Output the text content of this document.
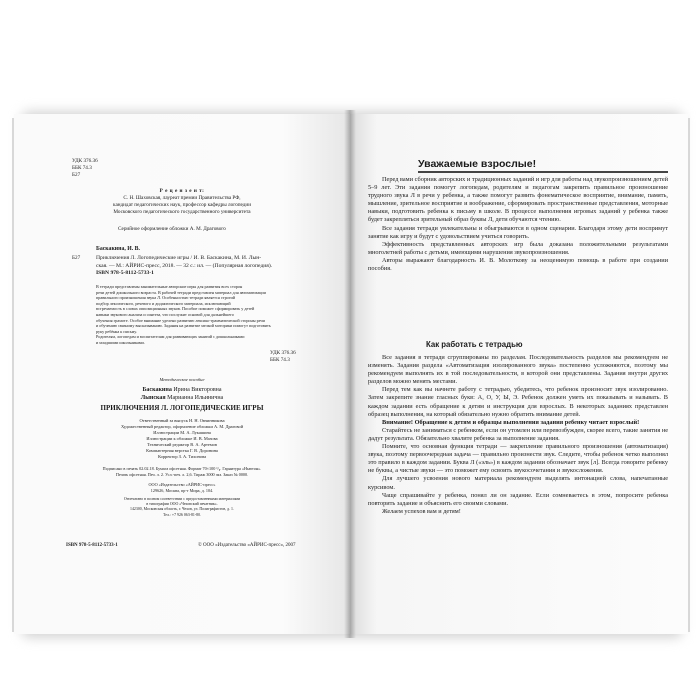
УДК 376.36
ББК 74.3
Б27
Р е ц е н з е н т:
С. Н. Шаховская, лауреат премии Правительства РФ,
кандидат педагогических наук, профессор кафедры логопедии
Московского педагогического государственного университета
Серийное оформление обложки А. М. Драгового
Баскакина, И. В.
Б27	Приключения Л. Логопедические игры / И. В. Баскакина, М. И. Лын-
ская. — М.: АЙРИС-пресс, 2018. — 32 с.: ил. — (Популярная логопедия).
ISBN 978-5-8112-5733-1
В тетради представлены занимательные авторские игры для развития всех сторон
речи детей дошкольного возраста. В рабочей тетради представлен материал для автоматизации
правильного произношения звука Л. Особенностью тетради является строгий
подбор лексического, речевого и дидактического материала, исключающий
встречаемость в словах оппозиционных звуков. Пособие поможет сформировать у детей
навыки звукового анализа и синтеза, что послужит основой для дальнейшего
обучения грамоте. Особое внимание уделено развитию лексико-грамматической стороны речи
и обучению связному высказыванию. Задания на развитие мелкой моторики помогут подготовить
руку ребёнка к письму.
Родителям, логопедам и воспитателям для развивающих занятий с дошкольниками
и младшими школьниками.
УДК 376.36
ББК 74.3
Методическое пособие
Баскакина Ирина Викторовна
Лынская Марианна Ильинична
ПРИКЛЮЧЕНИЯ Л. ЛОГОПЕДИЧЕСКИЕ ИГРЫ
Ответственный за выпуск Н. Н. Овчинникова
Художественный редактор, оформление обложки А. М. Драговой
Иллюстрации М. А. Лукашина
Иллюстрации к обложке И. В. Мазова
Технический редактор В. А. Артемов
Компьютерная верстка Г. В. Доронина
Корректор З. А. Тихонова
Подписано в печать 02.02.18. Бумага офсетная. Формат 70×100 ¹/₈. Гарнитура «Ньютон».
Печать офсетная. Печ. л. 2. Усл.-печ. л. 2,6. Тираж 3000 экз. Заказ № 0000.
ООО «Издательство «АЙРИС-пресс»
129626, Москва, пр-т Мира, д. 104.
Отпечатано в полном соответствии с предоставленными материалами
в типографии ООО «Чеховский печатник».
142300, Московская область, г. Чехов, ул. Полиграфистов, д. 1.
Тел.: +7 926 063-81-80.
ISBN 978-5-8112-5733-1	© ООО «Издательство «АЙРИС-пресс», 2007
Уважаемые взрослые!

Перед вами сборник авторских и традиционных заданий и игр для работы над звукопроизношением детей 5–9 лет. Эти задания помогут логопедам, родителям и педагогам закрепить правильное произношение трудного звука Л в речи у ребенка, а также помогут развить фонематическое восприятие, внимание, память, мышление, зрительное восприятие и воображение, сформировать пространственные представления, моторные навыки, подготовить ребенка к письму в школе. В процессе выполнения игровых заданий у ребенка также будет закрепляться зрительный образ буквы Л, дети обучаются чтению.

Все задания тетради увлекательны и обыгрываются в одном сценарии. Благодаря этому дети воспримут занятие как игру и будут с удовольствием учиться говорить.

Эффективность представленных авторских игр была доказана положительными результатами многолетней работы с детьми, имеющими нарушения звукопроизношения.

Авторы выражают благодарность И. В. Молоткову за неоценимую помощь в работе при создании пособия.

Как работать с тетрадью

Все задания в тетради сгруппированы по разделам. Последовательность разделов мы рекомендуем не изменять. Задания раздела «Автоматизация изолированного звука» постепенно усложняются, поэтому мы рекомендуем выполнять их в той последовательности, в которой они представлены. Задания внутри других разделов можно менять местами.

Перед тем как вы начнете работу с тетрадью, убедитесь, что ребенок произносит звук изолированно. Затем закрепите знание гласных букв: А, О, У, Ы, Э. Ребенок должен уметь их показывать и называть. В каждом задании есть обращение к детям и инструкция для взрослых. В некоторых заданиях представлен образец выполнения, на который обязательно нужно обратить внимание детей.

Внимание! Обращение к детям и образцы выполнения задания ребенку читает взрослый!

Старайтесь не заниматься с ребенком, если он утомлен или перевозбужден, скорее всего, такие занятия не дадут результата. Обязательно хвалите ребенка за выполнение задания.

Помните, что основная функция тетради — закрепление правильного произношения (автоматизация) звука, поэтому первоочередная задача — правильно произнести звук. Следите, чтобы ребенок четко выполнял это правило в каждом задании. Буква Л («эль») в каждом задании обозначает звук [л]. Всегда говорите ребенку не буквы, а чистые звуки — это поможет ему освоить звукосочетания и звукосложения.

Для лучшего усвоения нового материала рекомендуем выделять интонацией слова, напечатанные курсивом.

Чаще спрашивайте у ребенка, понял ли он задание. Если сомневаетесь в этом, попросите ребенка повторить задание и объяснить его своими словами.

Желаем успехов вам и детям!
